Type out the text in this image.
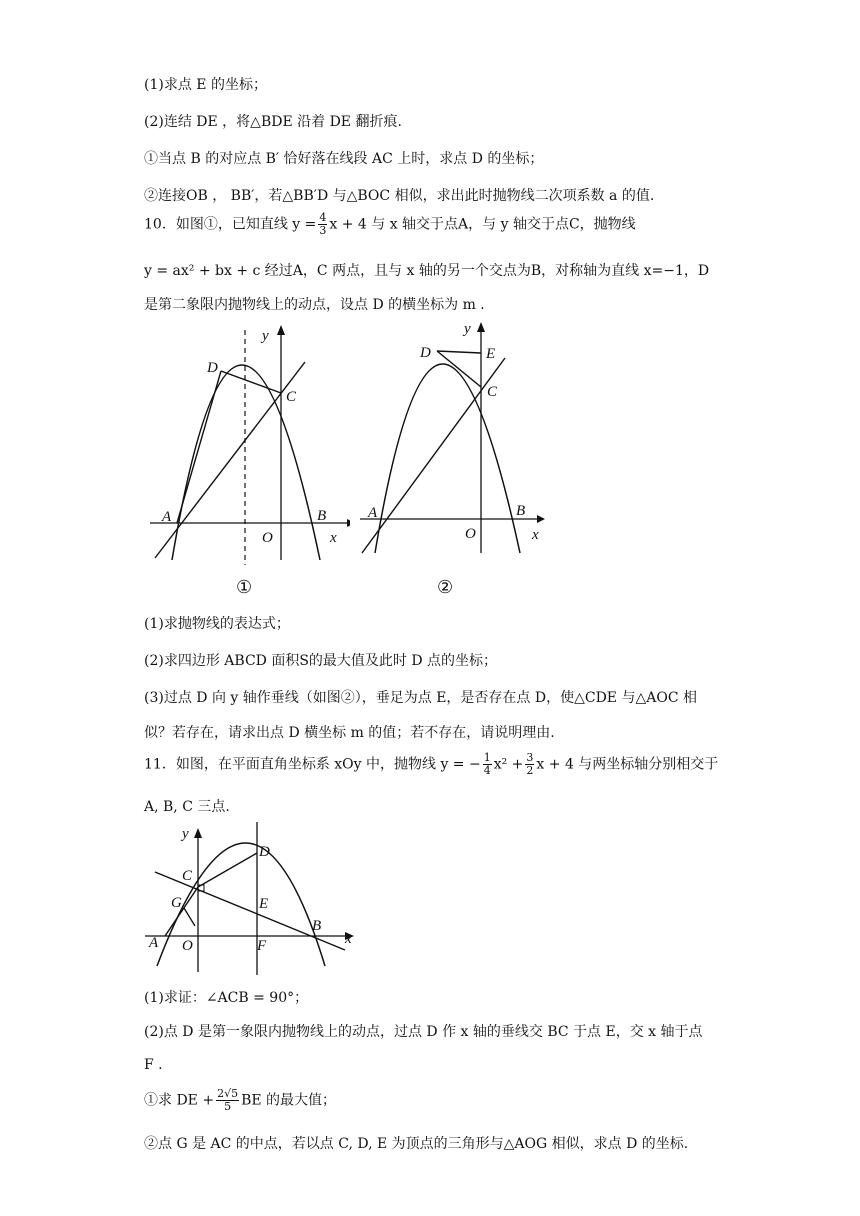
(1)求点 E 的坐标；
(2)连结 DE ，将△BDE 沿着 DE 翻折痕.
①当点 B 的对应点 B′ 恰好落在线段 AC 上时，求点 D 的坐标；
②连接OB ， BB′，若△BB′D 与△BOC 相似，求出此时抛物线二次项系数 a 的值.
10．如图①，已知直线 $y = \frac{4}{3}$ x + 4 与 x 轴交于点A，与 y 轴交于点C，抛物线
y = ax² + bx + c 经过A，C 两点，且与 x 轴的另一个交点为B，对称轴为直线 x=−1，D
是第二象限内抛物线上的动点，设点 D 的横坐标为 m .
y
D
C
A	B
O	x
①
y
D	E
C
A	B
O	x
②
(1)求抛物线的表达式；
(2)求四边形 ABCD 面积S的最大值及此时 D 点的坐标；
(3)过点 D 向 y 轴作垂线（如图②），垂足为点 E，是否存在点 D，使△CDE 与△AOC 相
似？若存在，请求出点 D 横坐标 m 的值；若不存在，请说明理由.
11．如图，在平面直角坐标系 xOy 中，抛物线 y = − $\frac{1}{4} x^2 + \frac{3}{2}$ x + 4 与两坐标轴分别相交于
A, B, C 三点.
y
D
C
G	E
B
A O	F	x
(1)求证：∠ACB = 90°；
(2)点 D 是第一象限内抛物线上的动点，过点 D 作 x 轴的垂线交 BC 于点 E，交 x 轴于点
F .
①求 DE + $\frac{2√5}{5}$ BE 的最大值；
②点 G 是 AC 的中点，若以点 C, D, E 为顶点的三角形与△AOG 相似，求点 D 的坐标.
